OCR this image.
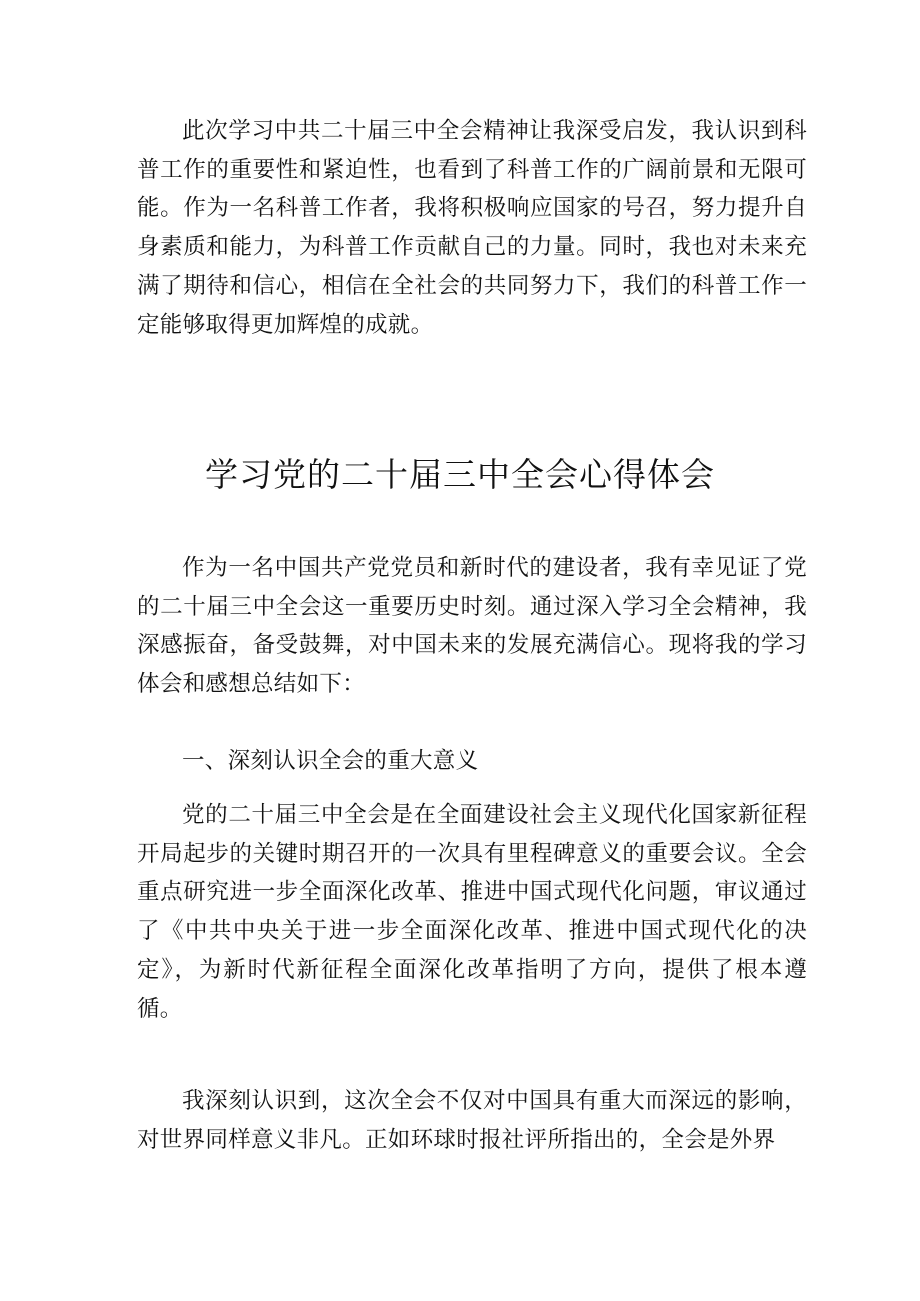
此次学习中共二十届三中全会精神让我深受启发，我认识到科普工作的重要性和紧迫性，也看到了科普工作的广阔前景和无限可能。作为一名科普工作者，我将积极响应国家的号召，努力提升自身素质和能力，为科普工作贡献自己的力量。同时，我也对未来充满了期待和信心，相信在全社会的共同努力下，我们的科普工作一定能够取得更加辉煌的成就。

学习党的二十届三中全会心得体会

作为一名中国共产党党员和新时代的建设者，我有幸见证了党的二十届三中全会这一重要历史时刻。通过深入学习全会精神，我深感振奋，备受鼓舞，对中国未来的发展充满信心。现将我的学习体会和感想总结如下：

一、深刻认识全会的重大意义

党的二十届三中全会是在全面建设社会主义现代化国家新征程开局起步的关键时期召开的一次具有里程碑意义的重要会议。全会重点研究进一步全面深化改革、推进中国式现代化问题，审议通过了《中共中央关于进一步全面深化改革、推进中国式现代化的决定》，为新时代新征程全面深化改革指明了方向，提供了根本遵循。

我深刻认识到，这次全会不仅对中国具有重大而深远的影响，对世界同样意义非凡。正如环球时报社评所指出的，全会是外界
